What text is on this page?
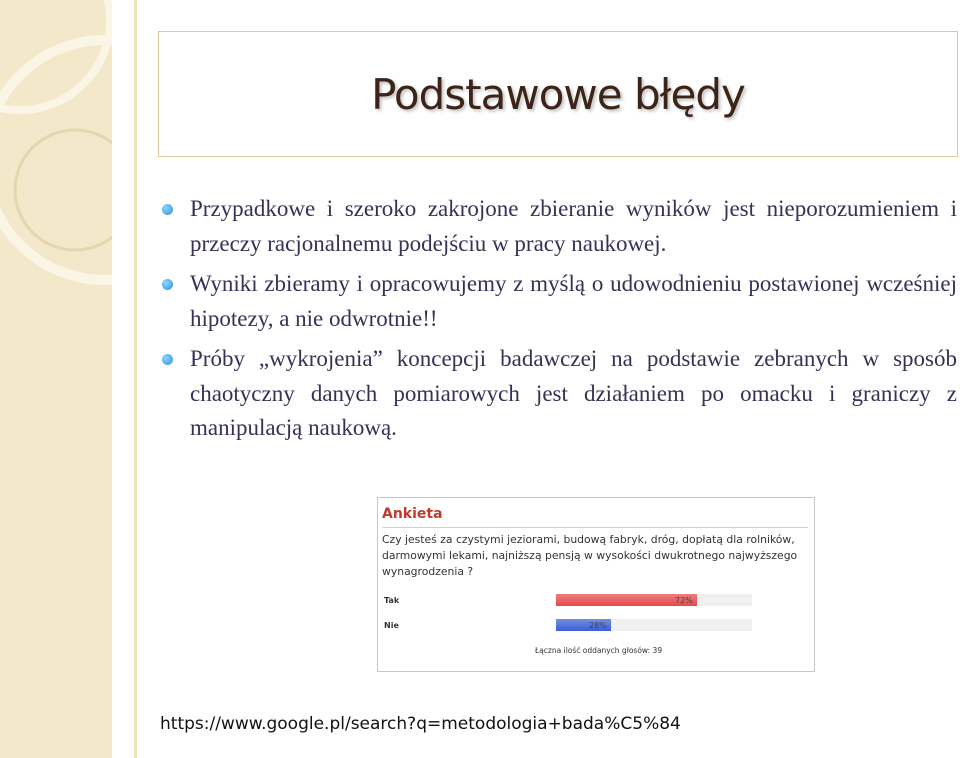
Podstawowe błędy
Przypadkowe i szeroko zakrojone zbieranie wyników jest nieporozumieniem i przeczy racjonalnemu podejściu w pracy naukowej.
Wyniki zbieramy i opracowujemy z myślą o udowodnieniu postawionej wcześniej hipotezy, a nie odwrotnie!!
Próby „wykrojenia” koncepcji badawczej na podstawie zebranych w sposób chaotyczny danych pomiarowych jest działaniem po omacku i graniczy z manipulacją naukową.
Ankieta
Czy jesteś za czystymi jeziorami, budową fabryk, dróg, dopłatą dla rolników, darmowymi lekami, najniższą pensją w wysokości dwukrotnego najwyższego wynagrodzenia ?
Tak	72%
Nie	28%
Łączna ilość oddanych głosów: 39
https://www.google.pl/search?q=metodologia+bada%C5%84
